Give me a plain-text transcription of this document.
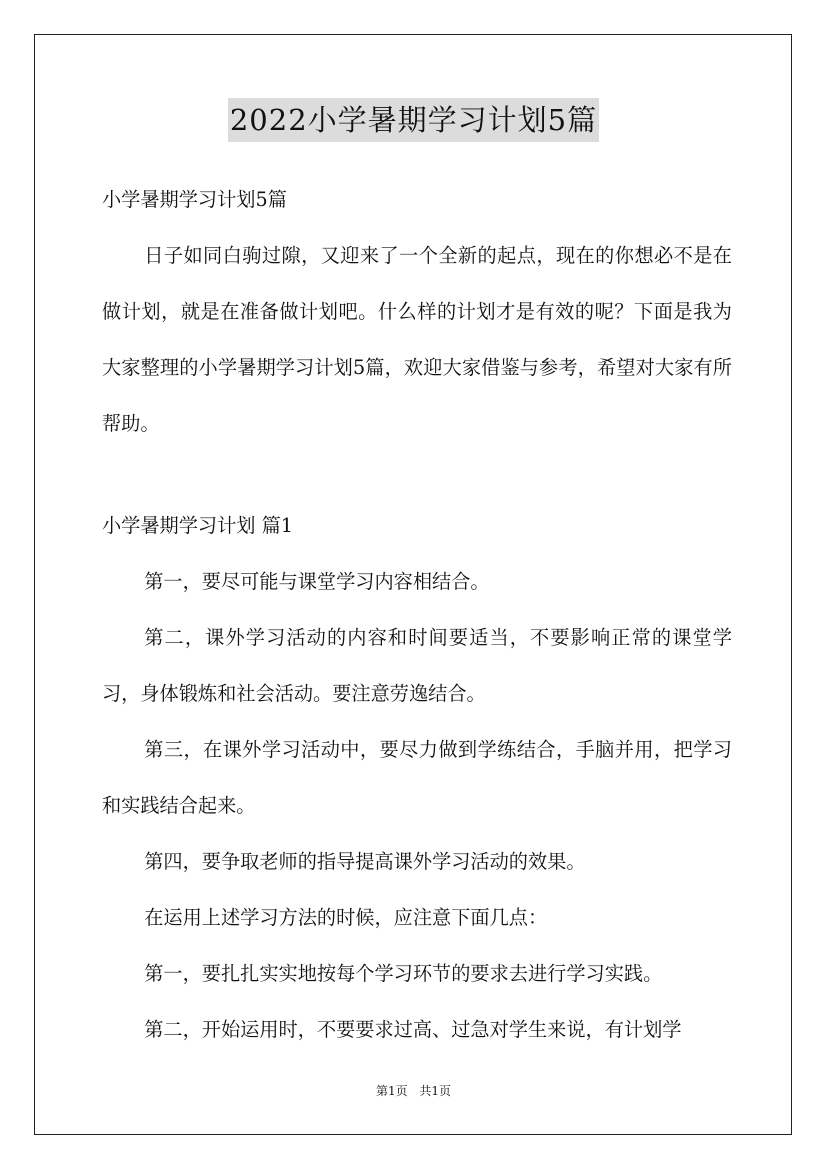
2022小学暑期学习计划5篇

小学暑期学习计划5篇

日子如同白驹过隙，又迎来了一个全新的起点，现在的你想必不是在做计划，就是在准备做计划吧。什么样的计划才是有效的呢？下面是我为大家整理的小学暑期学习计划5篇，欢迎大家借鉴与参考，希望对大家有所帮助。

小学暑期学习计划 篇1

第一，要尽可能与课堂学习内容相结合。

第二，课外学习活动的内容和时间要适当，不要影响正常的课堂学习，身体锻炼和社会活动。要注意劳逸结合。

第三，在课外学习活动中，要尽力做到学练结合，手脑并用，把学习和实践结合起来。

第四，要争取老师的指导提高课外学习活动的效果。

在运用上述学习方法的时候，应注意下面几点：

第一，要扎扎实实地按每个学习环节的要求去进行学习实践。

第二，开始运用时，不要要求过高、过急对学生来说，有计划学

第1页 共1页
